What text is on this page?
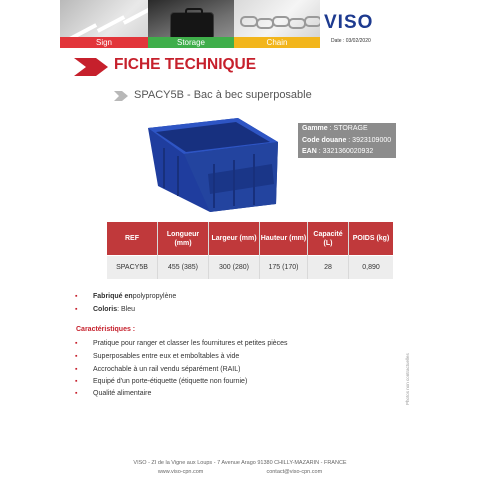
Sign	Storage	Chain
VISO
Date : 03/02/2020
FICHE TECHNIQUE
SPACY5B - Bac à bec superposable
Gamme : STORAGE
Code douane : 3923109000
EAN : 3321360020932
REF	Longueur (mm)	Largeur (mm)	Hauteur (mm)	Capacité (L)	POIDS (kg)
SPACY5B	455 (385)	300 (280)	175 (170)	28	0,890
▪ Fabriqué enpolypropylène
▪ Coloris: Bleu
Caractéristiques :
▪ Pratique pour ranger et classer les fournitures et petites pièces
▪ Superposables entre eux et emboîtables à vide
▪ Accrochable à un rail vendu séparément (RAIL)
▪ Equipé d'un porte-étiquette (étiquette non fournie)
▪ Qualité alimentaire	Photos non contractuelles
VISO - ZI de la Vigne aux Loups - 7 Avenue Arago 91380 CHILLY-MAZARIN - FRANCE
www.viso-cpn.com	contact@viso-cpn.com
